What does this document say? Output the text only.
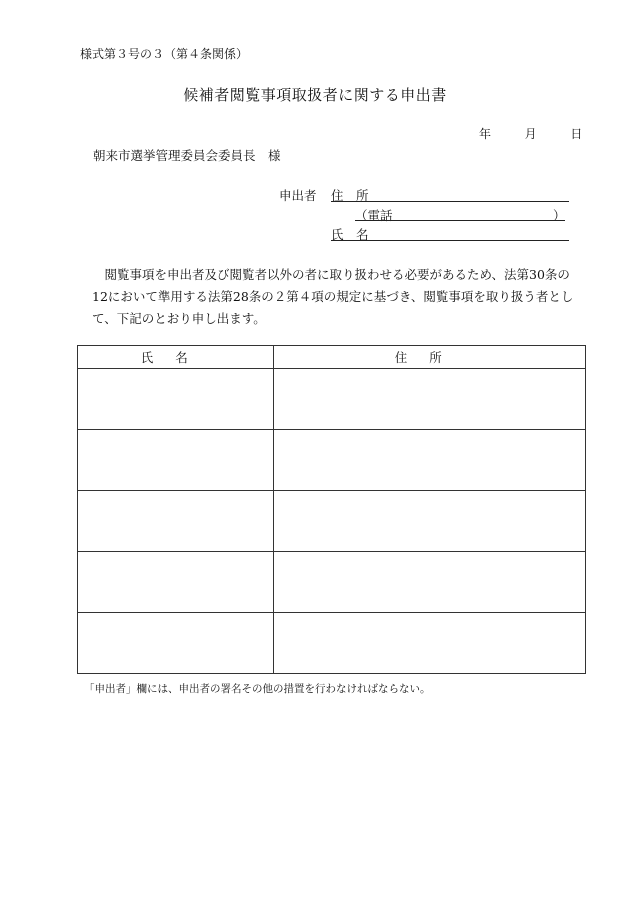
様式第３号の３（第４条関係）
候補者閲覧事項取扱者に関する申出書
年	月	日
朝来市選挙管理委員会委員長　様
申出者 住　所
（電話	）
氏　名

　閲覧事項を申出者及び閲覧者以外の者に取り扱わせる必要があるため、法第30条の12において準用する法第28条の２第４項の規定に基づき、閲覧事項を取り扱う者として、下記のとおり申し出ます。

氏名	住所

「申出者」欄には、申出者の署名その他の措置を行わなければならない。
